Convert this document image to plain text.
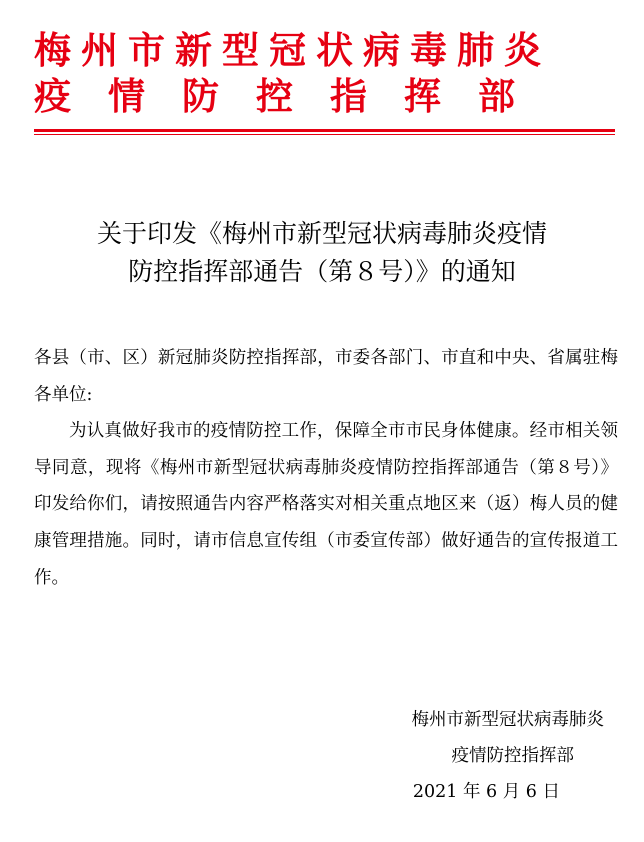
梅州市新型冠状病毒肺炎
疫情防控指挥部
关于印发《梅州市新型冠状病毒肺炎疫情
防控指挥部通告（第８号）》的通知

各县（市、区）新冠肺炎防控指挥部，市委各部门、市直和中央、省属驻梅各单位:

为认真做好我市的疫情防控工作，保障全市市民身体健康。经市相关领导同意，现将《梅州市新型冠状病毒肺炎疫情防控指挥部通告（第８号）》印发给你们，请按照通告内容严格落实对相关重点地区来（返）梅人员的健康管理措施。同时，请市信息宣传组（市委宣传部）做好通告的宣传报道工作。

梅州市新型冠状病毒肺炎
疫情防控指挥部
2021 年 6 月 6 日
